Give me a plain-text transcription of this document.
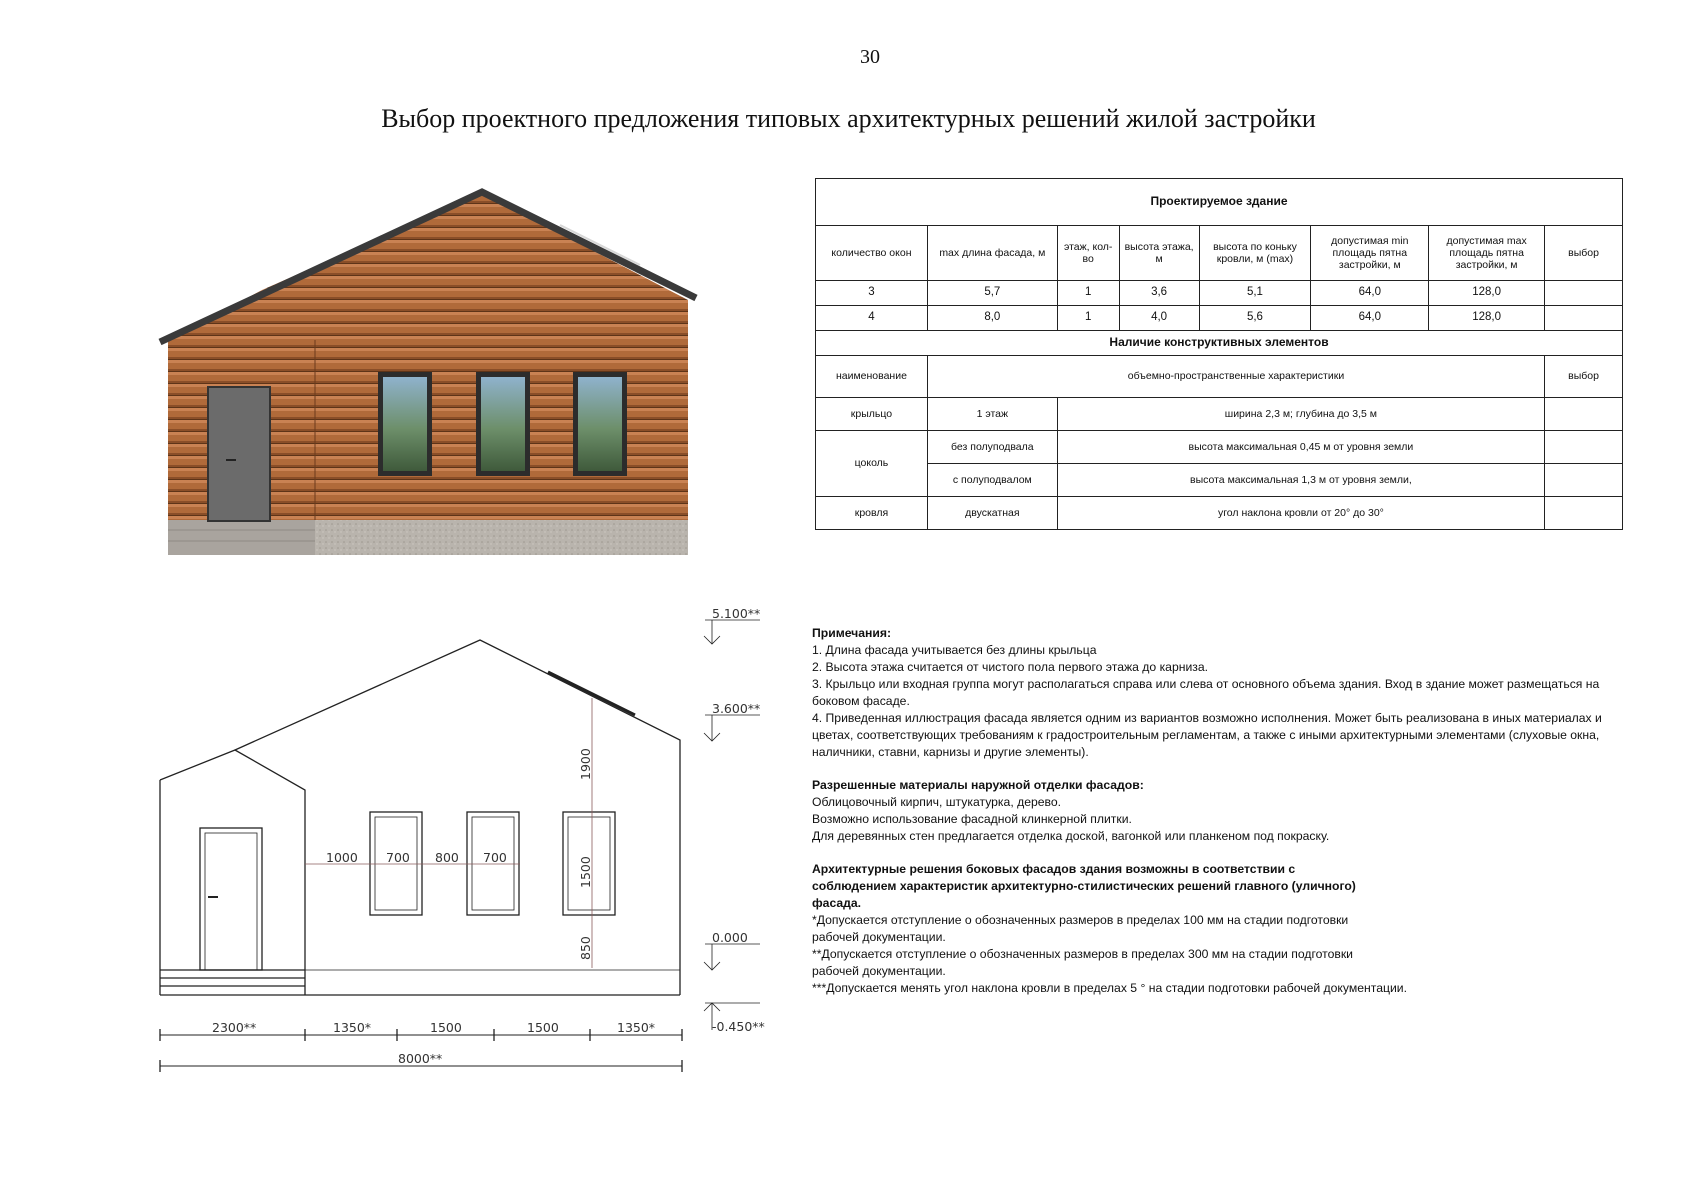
30
Выбор проектного предложения типовых архитектурных решений жилой застройки
5.100**
3.600**
0.000
-0.450**
1000 700 800 700
1900
1500
850
2300**	1350*	1500	1500	1350*
8000**
Проектируемое здание							
количество окон	max длина фасада, м	этаж, кол-во	высота этажа, м	высота по коньку кровли, м (max)	допустимая min площадь пятна застройки, м	допустимая max площадь пятна застройки, м	выбор
3	5,7	1	3,6	5,1	64,0	128,0	
4	8,0	1	4,0	5,6	64,0	128,0	
Наличие конструктивных элементов							
наименование	объемно-пространственные характеристики						выбор
крыльцо	1 этаж	ширина 2,3 м; глубина до 3,5 м					
цоколь	без полуподвала	высота максимальная 0,45 м от уровня земли					
	с полуподвалом	высота максимальная 1,3 м от уровня земли,					
кровля	двускатная	угол наклона кровли от 20° до 30°					

Примечания:

1. Длина фасада учитывается без длины крыльца

2. Высота этажа считается от чистого пола первого этажа до карниза.

3. Крыльцо или входная группа могут располагаться справа или слева от основного объема здания. Вход в здание может размещаться на боковом фасаде.

4. Приведенная иллюстрация фасада является одним из вариантов возможно исполнения. Может быть реализована в иных материалах и цветах, соответствующих требованиям к градостроительным регламентам, а также с иными архитектурными элементами (слуховые окна, наличники, ставни, карнизы и другие элементы).

Разрешенные материалы наружной отделки фасадов:

Облицовочный кирпич, штукатурка, дерево.

Возможно использование фасадной клинкерной плитки.

Для деревянных стен предлагается отделка доской, вагонкой или планкеном под покраску.

Архитектурные решения боковых фасадов здания возможны в соответствии с соблюдением характеристик архитектурно-стилистических решений главного (уличного) фасада.

*Допускается отступление о обозначенных размеров в пределах 100 мм на стадии подготовки рабочей документации.

**Допускается отступление о обозначенных размеров в пределах 300 мм на стадии подготовки рабочей документации.

***Допускается менять угол наклона кровли в пределах 5 ° на стадии подготовки рабочей документации.
